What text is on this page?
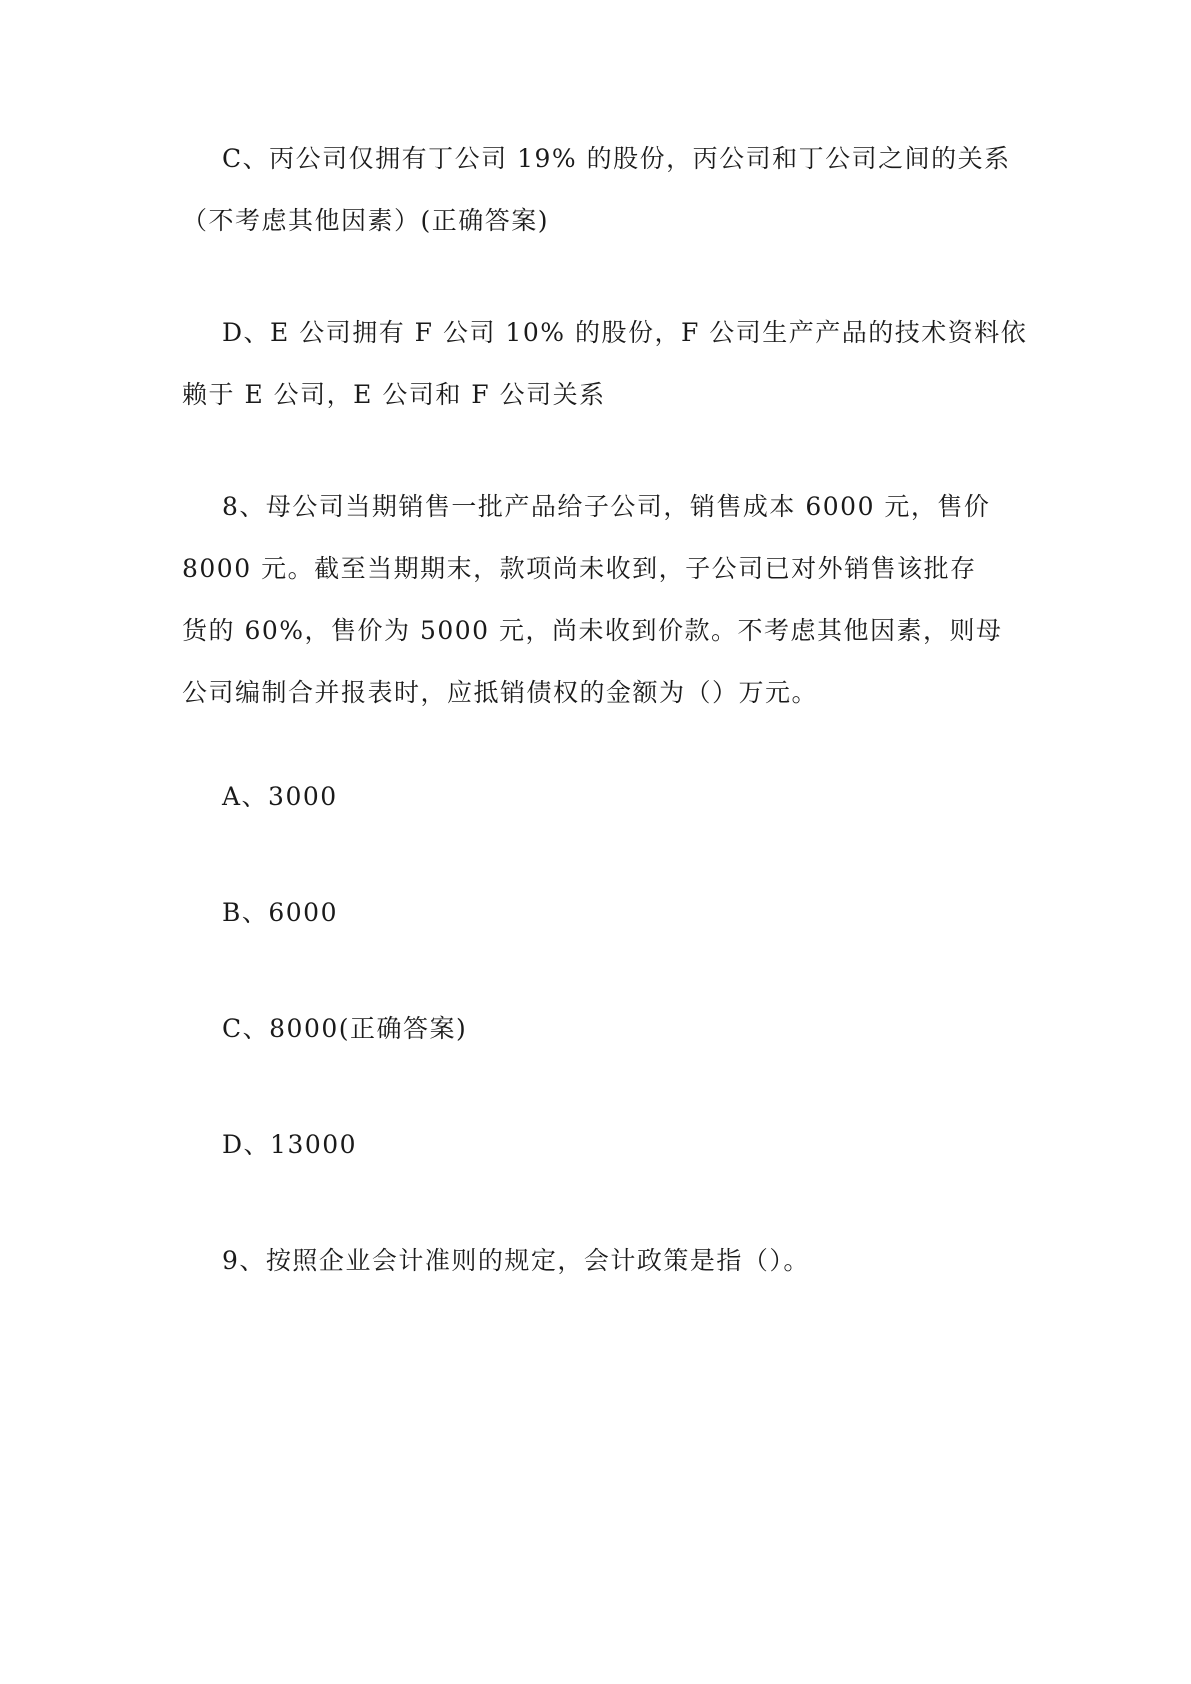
C、丙公司仅拥有丁公司 19% 的股份，丙公司和丁公司之间的关系
（不考虑其他因素）(正确答案)
D、E 公司拥有 F 公司 10% 的股份，F 公司生产产品的技术资料依
赖于 E 公司，E 公司和 F 公司关系
8、母公司当期销售一批产品给子公司，销售成本 6000 元，售价
8000 元。截至当期期末，款项尚未收到，子公司已对外销售该批存
货的 60%，售价为 5000 元，尚未收到价款。不考虑其他因素，则母
公司编制合并报表时，应抵销债权的金额为（）万元。
A、3000
B、6000
C、8000(正确答案)
D、13000
9、按照企业会计准则的规定，会计政策是指（）。
